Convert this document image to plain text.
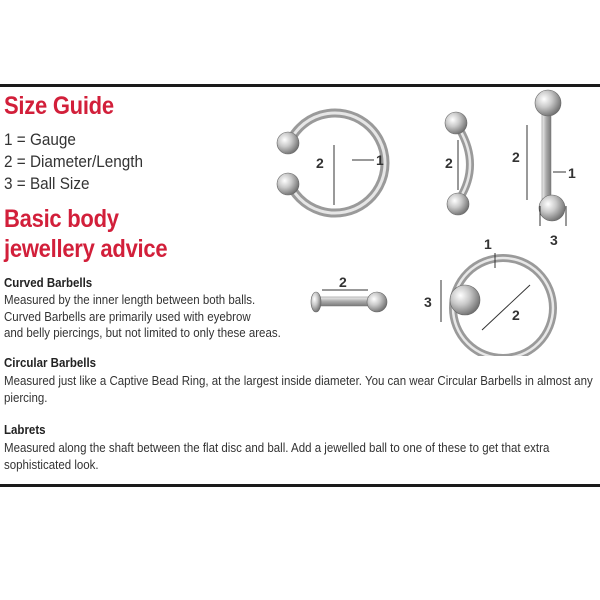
Size Guide
1 = Gauge
2 = Diameter/Length
3 = Ball Size
Basic body jewellery advice
Curved Barbells
Measured by the inner length between both balls.
Curved Barbells are primarily used with eyebrow
and belly piercings, but not limited to only these areas.
Circular Barbells
Measured just like a Captive Bead Ring, at the largest inside diameter. You can wear Circular Barbells in almost any
piercing.
Labrets
Measured along the shaft between the flat disc and ball. Add a jewelled ball to one of these to get that extra
sophisticated look.
2	1	2	2
1
3
2
1
3
2
